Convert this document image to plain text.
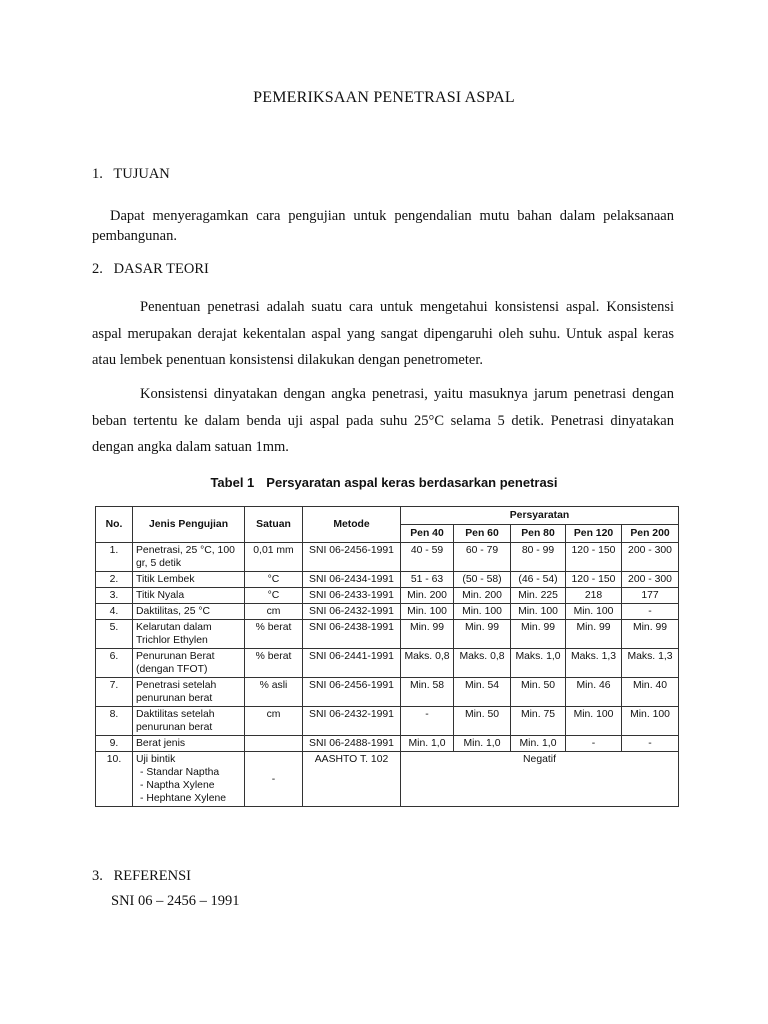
PEMERIKSAAN PENETRASI ASPAL
1. TUJUAN
Dapat menyeragamkan cara pengujian untuk pengendalian mutu bahan dalam pelaksanaan pembangunan.
2. DASAR TEORI
Penentuan penetrasi adalah suatu cara untuk mengetahui konsistensi aspal. Konsistensi aspal merupakan derajat kekentalan aspal yang sangat dipengaruhi oleh suhu. Untuk aspal keras atau lembek penentuan konsistensi dilakukan dengan penetrometer.
Konsistensi dinyatakan dengan angka penetrasi, yaitu masuknya jarum penetrasi dengan beban tertentu ke dalam benda uji aspal pada suhu 25°C selama 5 detik. Penetrasi dinyatakan dengan angka dalam satuan 1mm.
Tabel 1 Persyaratan aspal keras berdasarkan penetrasi
No.	Jenis Pengujian	Satuan	Metode	Persyaratan				
				Pen 40	Pen 60	Pen 80	Pen 120	Pen 200
1.	Penetrasi, 25 °C, 100 gr, 5 detik	0,01 mm	SNI 06-2456-1991	40 - 59	60 - 79	80 - 99	120 - 150	200 - 300
2.	Titik Lembek	°C	SNI 06-2434-1991	51 - 63	(50 - 58)	(46 - 54)	120 - 150	200 - 300
3.	Titik Nyala	°C	SNI 06-2433-1991	Min. 200	Min. 200	Min. 225	218	177
4.	Daktilitas, 25 °C	cm	SNI 06-2432-1991	Min. 100	Min. 100	Min. 100	Min. 100	-
5.	Kelarutan dalam Trichlor Ethylen	% berat	SNI 06-2438-1991	Min. 99	Min. 99	Min. 99	Min. 99	Min. 99
6.	Penurunan Berat (dengan TFOT)	% berat	SNI 06-2441-1991	Maks. 0,8	Maks. 0,8	Maks. 1,0	Maks. 1,3	Maks. 1,3
7.	Penetrasi setelah penurunan berat	% asli	SNI 06-2456-1991	Min. 58	Min. 54	Min. 50	Min. 46	Min. 40
8.	Daktilitas setelah penurunan berat	cm	SNI 06-2432-1991	-	Min. 50	Min. 75	Min. 100	Min. 100
9.	Berat jenis		SNI 06-2488-1991	Min. 1,0	Min. 1,0	Min. 1,0	-	-
10.	Uji bintik
- Standar Naptha
- Naptha Xylene
- Hephtane Xylene	-	AASHTO T. 102	Negatif				
3. REFERENSI
SNI 06 – 2456 – 1991
